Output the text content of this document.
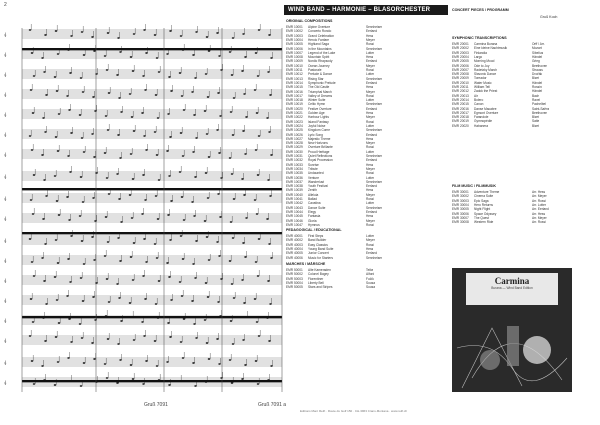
𝄞
𝄞
𝄞
𝄞
𝄞
𝄞
𝄞
𝄞
𝄞
𝄞
𝄞
𝄞
𝄞
𝄞
𝄞
𝄞
𝄞
𝄞
Gruß 7091	Gruß 7091 a
2
WIND BAND – HARMONIE – BLASORCHESTER	CONCERT PIECES / PROGRAMM
Gruß Koch
ORIGINAL COMPOSITIONS
EMR 10001 Alpine Overture	Sennheiser
EMR 10002 Concerto Rondo	Eerland
EMR 10003 Grand Celebration	Hess
EMR 10004 Heroic Fanfare	Meyer
EMR 10005 Highland Saga	Rossi
EMR 10006 In the Mountains	Sennheiser
EMR 10007 Legend of the Lake	Lotter
EMR 10008 Mountain Spirit	Hess
EMR 10009 Nordic Rhapsody	Eerland
EMR 10010 Ocean Journey	Meyer
EMR 10011 Pastorale	Rossi
EMR 10012 Prelude & Dance	Lotter
EMR 10013 Rising Star	Sennheiser
EMR 10014 Symphonic Prelude	Eerland
EMR 10015 The Old Castle	Hess
EMR 10016 Triumphal March	Meyer
EMR 10017 Valley of Dreams	Rossi
EMR 10018 Winter Suite	Lotter
EMR 10019 Celtic Hymn	Sennheiser
EMR 10020 Festive Overture	Eerland
EMR 10021 Golden Age	Hess
EMR 10022 Harbour Lights	Meyer
EMR 10023 Island Fantasy	Rossi
EMR 10024 Joyful Noise	Lotter
EMR 10025 Kingdom Come	Sennheiser
EMR 10026 Lyric Song	Eerland
EMR 10027 Majestic Theme	Hess
EMR 10028 New Horizons	Meyer
EMR 10029 Overture Brillante	Rossi
EMR 10030 Proud Heritage	Lotter
EMR 10031 Quiet Reflections	Sennheiser
EMR 10032 Royal Procession	Eerland
EMR 10033 Sunrise	Hess
EMR 10034 Tribute	Meyer
EMR 10035 Undaunted	Rossi
EMR 10036 Venture	Lotter
EMR 10037 Wanderlust	Sennheiser
EMR 10038 Youth Festival	Eerland
EMR 10039 Zenith	Hess
EMR 10040 Alleluia	Meyer
EMR 10041 Ballad	Rossi
EMR 10042 Cavatina	Lotter
EMR 10043 Dance Suite	Sennheiser
EMR 10044 Elegy	Eerland
EMR 10045 Fantasia	Hess
EMR 10046 Gloria	Meyer
EMR 10047 Hymnus	Rossi
PEDAGOGICAL / EDUCATIONAL
EMR 40001 First Steps	Lotter
EMR 40002 Band Builder	Meyer
EMR 40003 Easy Classics	Rossi
EMR 40004 Young Band Suite	Hess
EMR 40005 Junior Concert	Eerland
EMR 40006 Music for Starters	Sennheiser
MARCHES / MÄRSCHE
EMR 50001 Alte Kameraden	Teike
EMR 50002 Colonel Bogey	Alford
EMR 50003 Florentiner	Fučík
EMR 50004 Liberty Bell	Sousa
EMR 50005 Stars and Stripes	Sousa
SYMPHONIC TRANSCRIPTIONS
EMR 20001 Carmina Burana	Orff / Arr.
EMR 20002 Eine kleine Nachtmusik	Mozart
EMR 20003 Finlandia	Sibelius
EMR 20004 Largo	Händel
EMR 20005 Morning Mood	Grieg
EMR 20006 Ode to Joy	Beethoven
EMR 20007 Radetzky March	Strauss
EMR 20008 Slavonic Dance	Dvořák
EMR 20009 Toreador	Bizet
EMR 20010 Water Music	Händel
EMR 20011 William Tell	Rossini
EMR 20012 Zadok the Priest	Händel
EMR 20013 Air	Bach
EMR 20014 Bolero	Ravel
EMR 20015 Canon	Pachelbel
EMR 20016 Danse Macabre	Saint-Saëns
EMR 20017 Egmont Overture	Beethoven
EMR 20018 Farandole	Bizet
EMR 20019 Gymnopédie	Satie
EMR 20020 Habanera	Bizet
FILM MUSIC / FILMMUSIK
EMR 30001 Adventure Theme	Arr. Hess
EMR 30002 Cinema Suite	Arr. Meyer
EMR 30003 Epic Saga	Arr. Rossi
EMR 30004 Hero Returns	Arr. Lotter
EMR 30005 Night Flight	Arr. Eerland
EMR 30006 Space Odyssey	Arr. Hess
EMR 30007 The Quest	Arr. Meyer
EMR 30008 Western Ride	Arr. Rossi
Carmina
Burana — Wind Band Edition
Editions Marc Reift · Route du Golf 150 · CH-3963 Crans-Montana · www.reift.ch
